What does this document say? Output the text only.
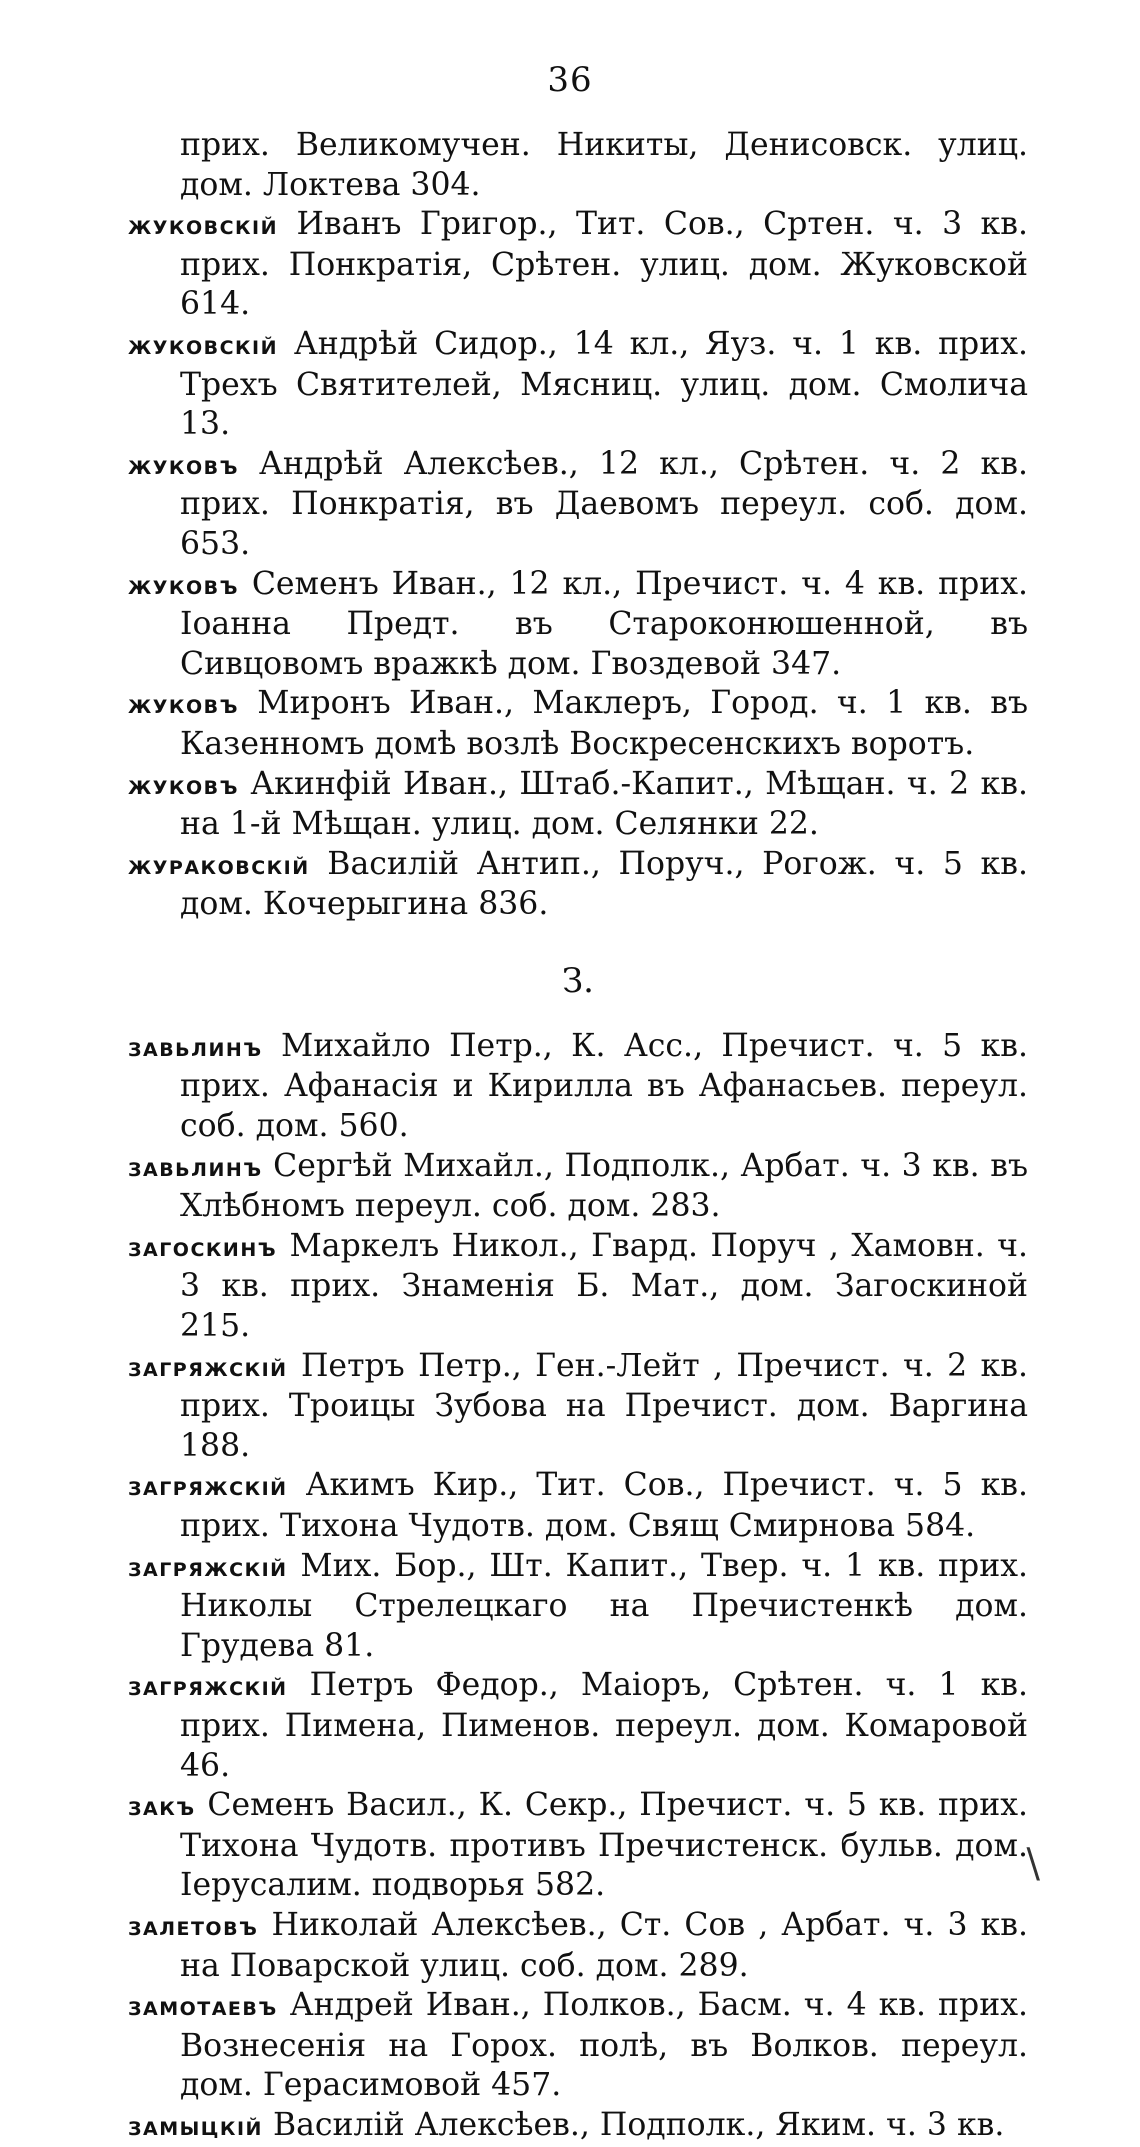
36

прих. Великомучен. Никиты, Денисовск. улиц. дом. Локтева 304.

жуковскій Иванъ Григор., Тит. Сов., Сртен. ч. 3 кв. прих. Понкратія, Срѣтен. улиц. дом. Жуковской 614.

жуковскій Андрѣй Сидор., 14 кл., Яуз. ч. 1 кв. прих. Трехъ Святителей, Мясниц. улиц. дом. Смолича 13.

жуковъ Андрѣй Алексѣев., 12 кл., Срѣтен. ч. 2 кв. прих. Понкратія, въ Даевомъ переул. соб. дом. 653.

жуковъ Семенъ Иван., 12 кл., Пречист. ч. 4 кв. прих. Іоанна Предт. въ Староконюшенной, въ Сивцовомъ вражкѣ дом. Гвоздевой 347.

жуковъ Миронъ Иван., Маклеръ, Город. ч. 1 кв. въ Казенномъ домѣ возлѣ Воскресенскихъ воротъ.

жуковъ Акинфій Иван., Штаб.-Капит., Мѣщан. ч. 2 кв. на 1-й Мѣщан. улиц. дом. Селянки 22.

жураковскій Василій Антип., Поруч., Рогож. ч. 5 кв. дом. Кочерыгина 836.

З.

завьлинъ Михайло Петр., К. Асс., Пречист. ч. 5 кв. прих. Афанасія и Кирилла въ Афанасьев. переул. соб. дом. 560.

завьлинъ Сергѣй Михайл., Подполк., Арбат. ч. 3 кв. въ Хлѣбномъ переул. соб. дом. 283.

загоскинъ Маркелъ Никол., Гвард. Поруч , Хамовн. ч. 3 кв. прих. Знаменія Б. Мат., дом. Загоскиной 215.

загряжскій Петръ Петр., Ген.-Лейт , Пречист. ч. 2 кв. прих. Троицы Зубова на Пречист. дом. Варгина 188.

загряжскій Акимъ Кир., Тит. Сов., Пречист. ч. 5 кв. прих. Тихона Чудотв. дом. Свящ Смирнова 584.

загряжскій Мих. Бор., Шт. Капит., Твер. ч. 1 кв. прих. Николы Стрелецкаго на Пречистенкѣ дом. Грудева 81.

загряжскій Петръ Федор., Маіоръ, Срѣтен. ч. 1 кв. прих. Пимена, Пименов. переул. дом. Комаровой 46.

закъ Семенъ Васил., К. Секр., Пречист. ч. 5 кв. прих. Тихона Чудотв. противъ Пречистенск. бульв. дом. Іерусалим. подворья 582.

залетовъ Николай Алексѣев., Ст. Сов , Арбат. ч. 3 кв. на Поварской улиц. соб. дом. 289.

замотаевъ Андрей Иван., Полков., Басм. ч. 4 кв. прих. Вознесенія на Горох. полѣ, въ Волков. переул. дом. Герасимовой 457.

замыцкій Василій Алексѣев., Подполк., Яким. ч. 3 кв.

\
